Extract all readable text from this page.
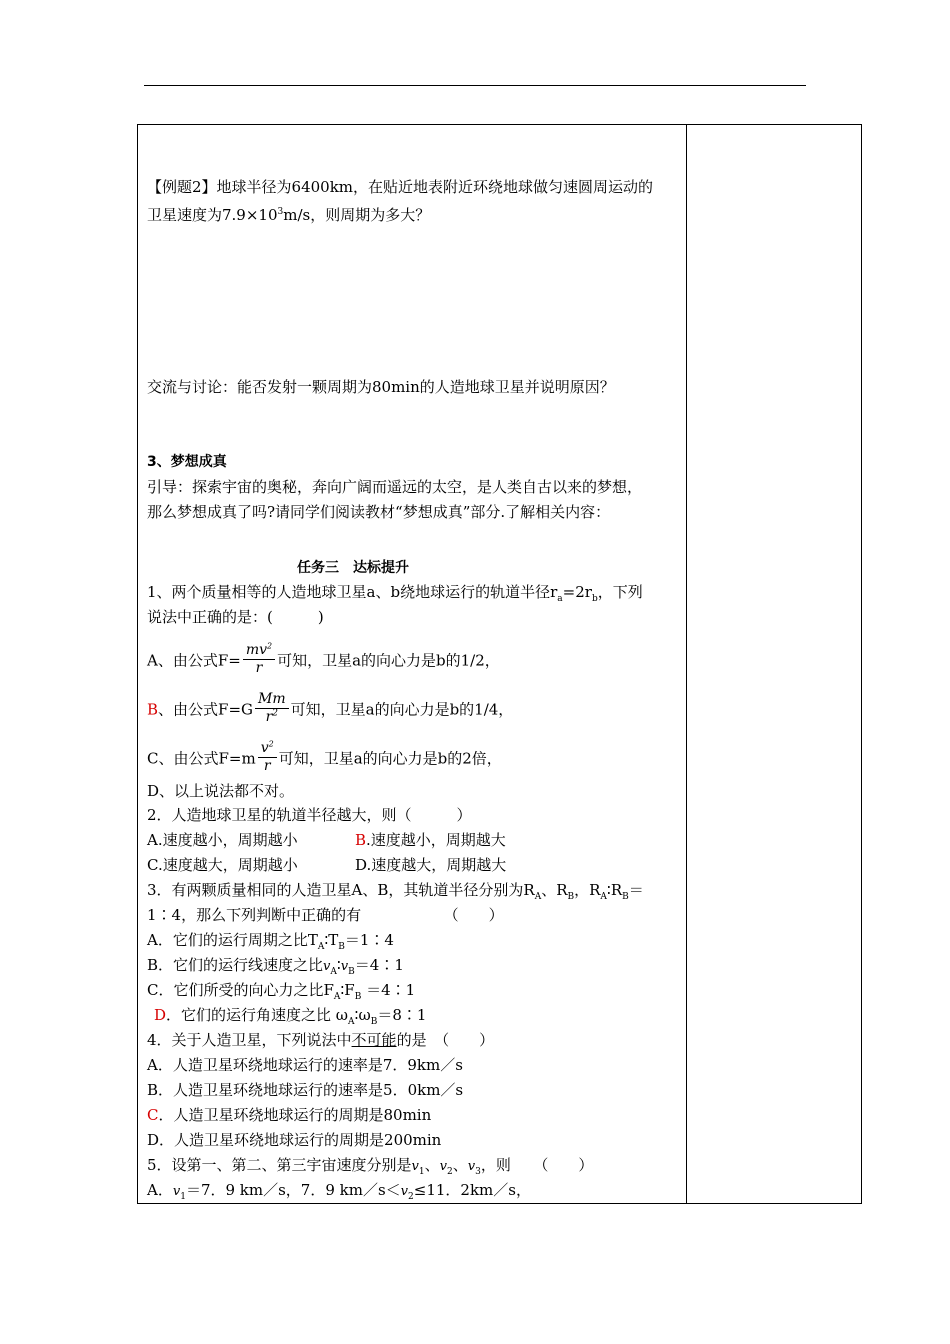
【例题2】地球半径为6400km，在贴近地表附近环绕地球做匀速圆周运动的
卫星速度为$7.9\times 10^3m/s$，则周期为多大？
交流与讨论：能否发射一颗周期为80min的人造地球卫星并说明原因？
3、梦想成真
引导：探索宇宙的奥秘，奔向广阔而遥远的太空，是人类自古以来的梦想，
那么梦想成真了吗?请同学们阅读教材“梦想成真”部分.了解相关内容：
任务三　达标提升
1、两个质量相等的人造地球卫星a、b绕地球运行的轨道半径$r_a=2r_b$，下列
说法中正确的是：(　　　)
A、由公式$F= \frac{mv^2}{r}$ 可知，卫星a的向心力是b的1/2，
B、由公式$F=G \frac{Mm}{r^2}$ 可知，卫星a的向心力是b的1/4，
C、由公式$F=m \frac{v^2}{r}$ 可知，卫星a的向心力是b的2倍，
D、以上说法都不对。
2．人造地球卫星的轨道半径越大，则（　　　）
A.速度越小，周期越小	B.速度越小，周期越大
C.速度越大，周期越小	D.速度越大，周期越大
3．有两颗质量相同的人造卫星A、B，其轨道半径分别为$R_A$、$R_B$，$R_A∶R_B=$
1∶4，那么下列判断中正确的有　　　　　　（　　）
A．它们的运行周期之比$T_A∶T_B=1∶4$
B．它们的运行线速度之比$v_A∶v_B=4∶1$
C．它们所受的向心力之比$F_A∶F_B$ ＝4∶1
D．它们的运行角速度之比 $\omega_A∶\omega_B=8∶1$
4．关于人造卫星，下列说法中不可能的是　（　　）
A．人造卫星环绕地球运行的速率是7．9km／s
B．人造卫星环绕地球运行的速率是5．0km／s
C．人造卫星环绕地球运行的周期是80min
D．人造卫星环绕地球运行的周期是200min
5．设第一、第二、第三宇宙速度分别是$v_1$、$v_2$、$v_3$，则　　（　　）
A．$v_1=7$．9 km／s，7．9 $km/s<v_2\le 11$．2km／s，
